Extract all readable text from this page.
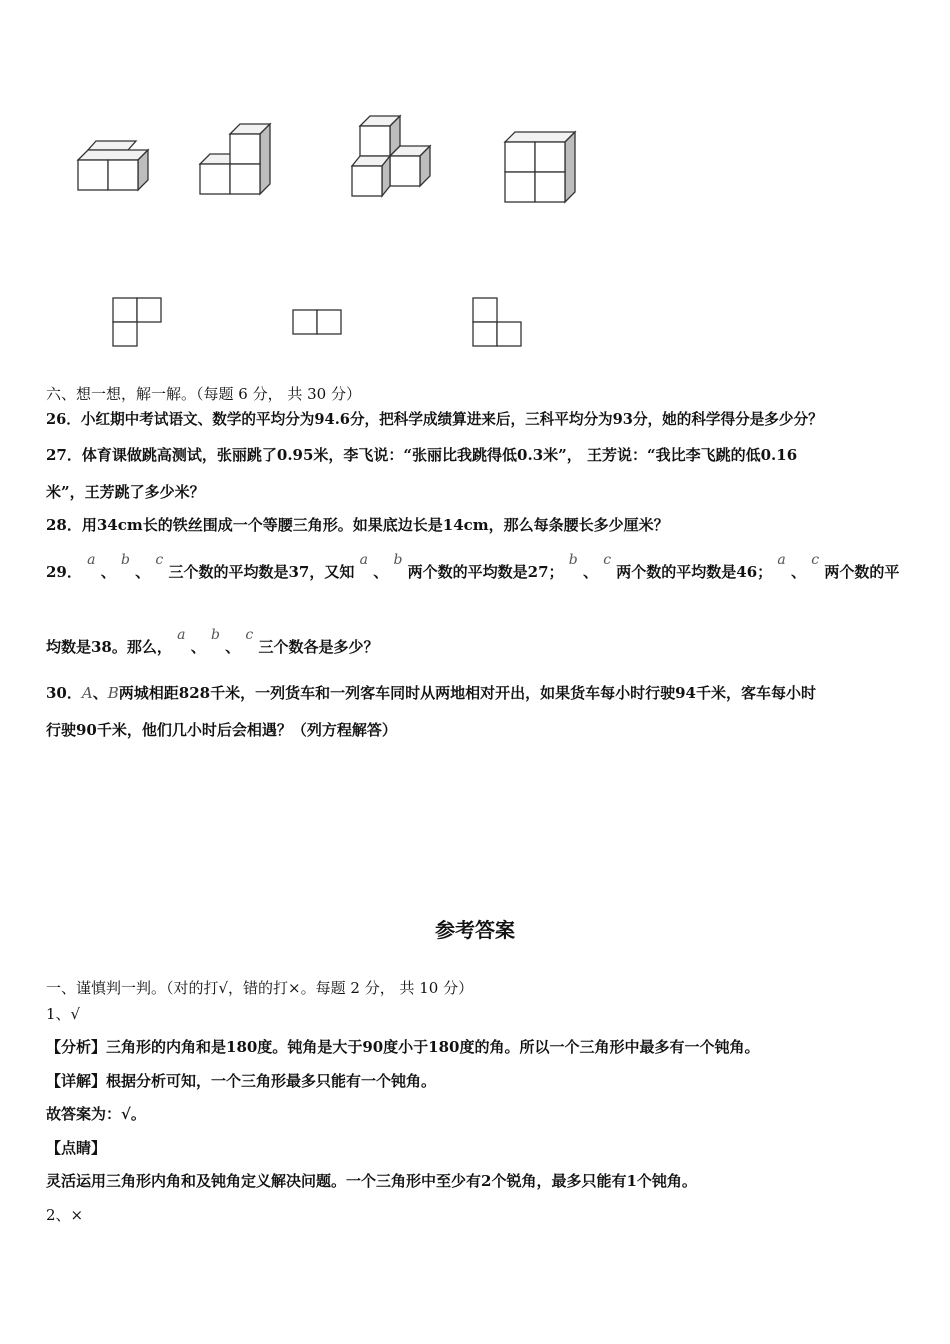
六、想一想，解一解。（每题 6 分， 共 30 分）
26．小红期中考试语文、数学的平均分为94.6分，把科学成绩算进来后，三科平均分为93分，她的科学得分是多少分？
27．体育课做跳高测试，张丽跳了0.95米，李飞说：“张丽比我跳得低0.3米”， 王芳说：“我比李飞跳的低0.16
米”，王芳跳了多少米？
28．用34cm长的铁丝围成一个等腰三角形。如果底边长是14cm，那么每条腰长多少厘米？
29． a 、 b 、 c 三个数的平均数是37，又知 a 、 b 两个数的平均数是27； b 、 c 两个数的平均数是46； a 、 c 两个数的平
均数是38。那么， a 、 b 、 c 三个数各是多少？
30．A、B两城相距828千米，一列货车和一列客车同时从两地相对开出，如果货车每小时行驶94千米，客车每小时
行驶90千米，他们几小时后会相遇？（列方程解答）
参考答案
一、谨慎判一判。（对的打√，错的打×。每题 2 分， 共 10 分）
1、√
【分析】三角形的内角和是180度。钝角是大于90度小于180度的角。所以一个三角形中最多有一个钝角。
【详解】根据分析可知，一个三角形最多只能有一个钝角。
故答案为：√。
【点睛】
灵活运用三角形内角和及钝角定义解决问题。一个三角形中至少有2个锐角，最多只能有1个钝角。
2、×
